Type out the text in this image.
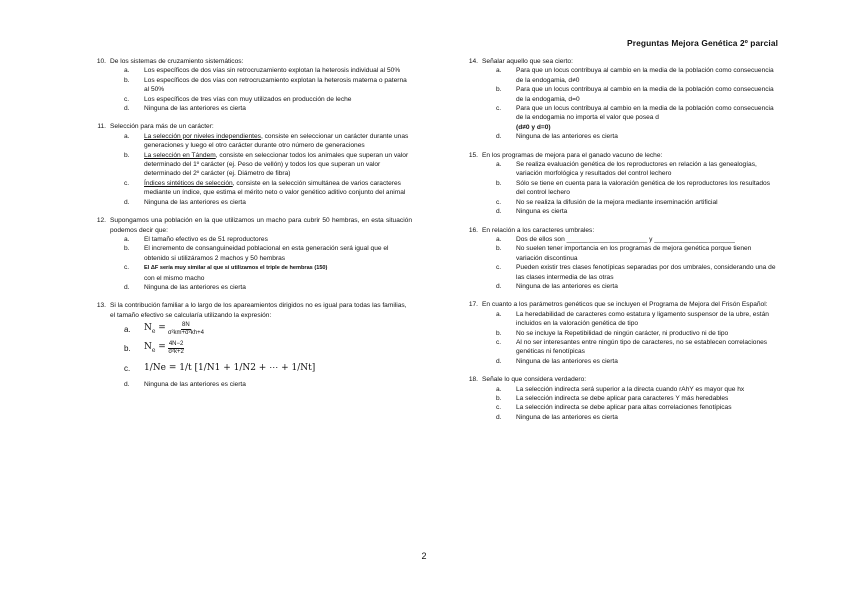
Preguntas Mejora Genética 2º parcial
10. De los sistemas de cruzamiento sistemáticos:
a. Los específicos de dos vías sin retrocruzamiento explotan la heterosis individual al 50%
b. Los específicos de dos vías con retrocruzamiento explotan la heterosis materna o paterna al 50%
c. Los específicos de tres vías con muy utilizados en producción de leche
d. Ninguna de las anteriores es cierta
11. Selección para más de un carácter:
a. La selección por niveles independientes, consiste en seleccionar un carácter durante unas generaciones y luego el otro carácter durante otro número de generaciones
b. La selección en Tándem, consiste en seleccionar todos los animales que superan un valor determinado del 1º carácter (ej. Peso de vellón) y todos los que superan un valor determinado del 2º carácter (ej. Diámetro de fibra)
c. Índices sintéticos de selección, consiste en la selección simultánea de varios caracteres mediante un índice, que estima el mérito neto o valor genético aditivo conjunto del animal
d. Ninguna de las anteriores es cierta
12. Supongamos una población en la que utilizamos un macho para cubrir 50 hembras, en esta situación podemos decir que:
a. El tamaño efectivo es de 51 reproductores
b. El incremento de consanguineidad poblacional en esta generación será igual que el obtenido si utilizáramos 2 machos y 50 hembras
c.	El ΔF sería muy similar al que si utilizamos el triple de hembras (150)
con el mismo macho
d. Ninguna de las anteriores es cierta
13. Si la contribución familiar a lo largo de los apareamientos dirigidos no es igual para todas las familias, el tamaño efectivo se calcularía utilizando la expresión:
a. $N_e = \frac{8N}{\text{σ²km+σ²kh+4}}$
b. $N_e = \frac{4N-2}{\text{σ²k+2}}$
c. 1/Ne = 1/t [1/N1 + 1/N2 + ⋯ + 1/Nt]
d. Ninguna de las anteriores es cierta
14. Señalar aquello que sea cierto:
a. Para que un locus contribuya al cambio en la media de la población como consecuencia de la endogamia, d≠0
b. Para que un locus contribuya al cambio en la media de la población como consecuencia de la endogamia, d=0
c. Para que un locus contribuya al cambio en la media de la población como consecuencia de la endogamia no importa el valor que posea d
(d≠0 y d=0)
d. Ninguna de las anteriores es cierta
15. En los programas de mejora para el ganado vacuno de leche:
a. Se realiza evaluación genética de los reproductores en relación a las genealogías, variación morfológica y resultados del control lechero
b. Sólo se tiene en cuenta para la valoración genética de los reproductores los resultados del control lechero
c. No se realiza la difusión de la mejora mediante inseminación artificial
d. Ninguna es cierta
16. En relación a los caracteres umbrales:
a. Dos de ellos son ______________________ y ______________________
b. No suelen tener importancia en los programas de mejora genética porque tienen variación discontinua
c. Pueden existir tres clases fenotípicas separadas por dos umbrales, considerando una de las clases intermedia de las otras
d. Ninguna de las anteriores es cierta
17. En cuanto a los parámetros genéticos que se incluyen el Programa de Mejora del Frisón Español:
a. La heredabilidad de caracteres como estatura y ligamento suspensor de la ubre, están incluidos en la valoración genética de tipo
b. No se incluye la Repetibilidad de ningún carácter, ni productivo ni de tipo
c. Al no ser interesantes entre ningún tipo de caracteres, no se establecen correlaciones genéticas ni fenotípicas
d. Ninguna de las anteriores es cierta
18. Señale lo que considera verdadero:
a. La selección indirecta será superior a la directa cuando rAhY es mayor que hx
b. La selección indirecta se debe aplicar para caracteres Y más heredables
c. La selección indirecta se debe aplicar para altas correlaciones fenotípicas
d. Ninguna de las anteriores es cierta
2
